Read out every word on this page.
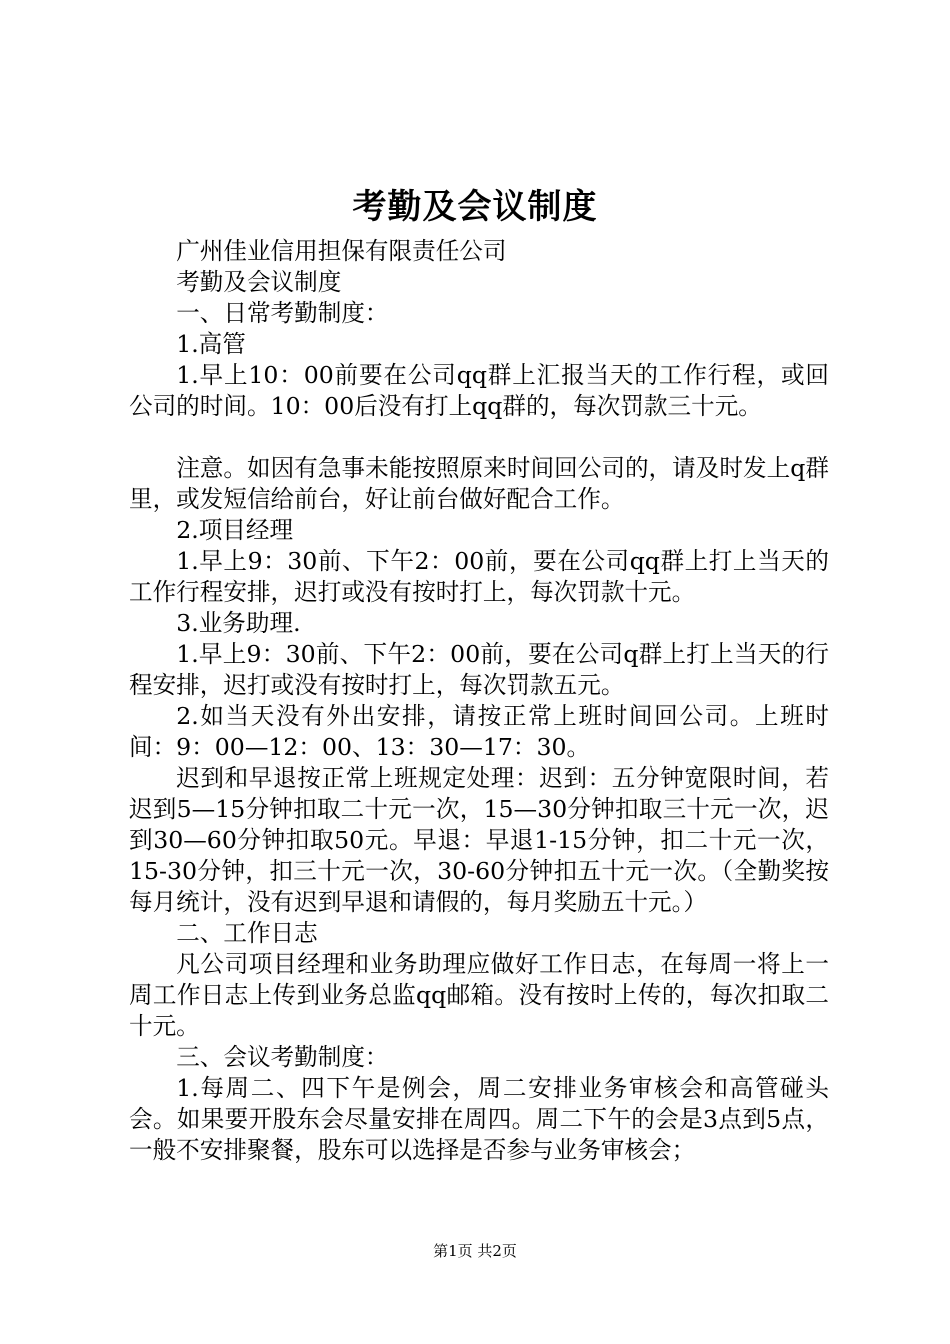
考勤及会议制度

广州佳业信用担保有限责任公司

考勤及会议制度

一、日常考勤制度：

1.高管

1.早上10：00前要在公司qq群上汇报当天的工作行程，或回公司的时间。10：00后没有打上qq群的，每次罚款三十元。

注意。如因有急事未能按照原来时间回公司的，请及时发上q群里，或发短信给前台，好让前台做好配合工作。

2.项目经理

1.早上9：30前、下午2：00前，要在公司qq群上打上当天的工作行程安排，迟打或没有按时打上，每次罚款十元。

3.业务助理.

1.早上9：30前、下午2：00前，要在公司q群上打上当天的行程安排，迟打或没有按时打上，每次罚款五元。

2.如当天没有外出安排，请按正常上班时间回公司。上班时间：9：00—12：00、13：30—17：30。

迟到和早退按正常上班规定处理：迟到：五分钟宽限时间，若迟到5—15分钟扣取二十元一次，15—30分钟扣取三十元一次，迟到30—60分钟扣取50元。早退：早退1-15分钟，扣二十元一次，15-30分钟，扣三十元一次，30-60分钟扣五十元一次。（全勤奖按每月统计，没有迟到早退和请假的，每月奖励五十元。）

二、工作日志

凡公司项目经理和业务助理应做好工作日志，在每周一将上一周工作日志上传到业务总监qq邮箱。没有按时上传的，每次扣取二十元。

三、会议考勤制度：

1.每周二、四下午是例会，周二安排业务审核会和高管碰头会。如果要开股东会尽量安排在周四。周二下午的会是3点到5点，一般不安排聚餐，股东可以选择是否参与业务审核会；

第1页 共2页
